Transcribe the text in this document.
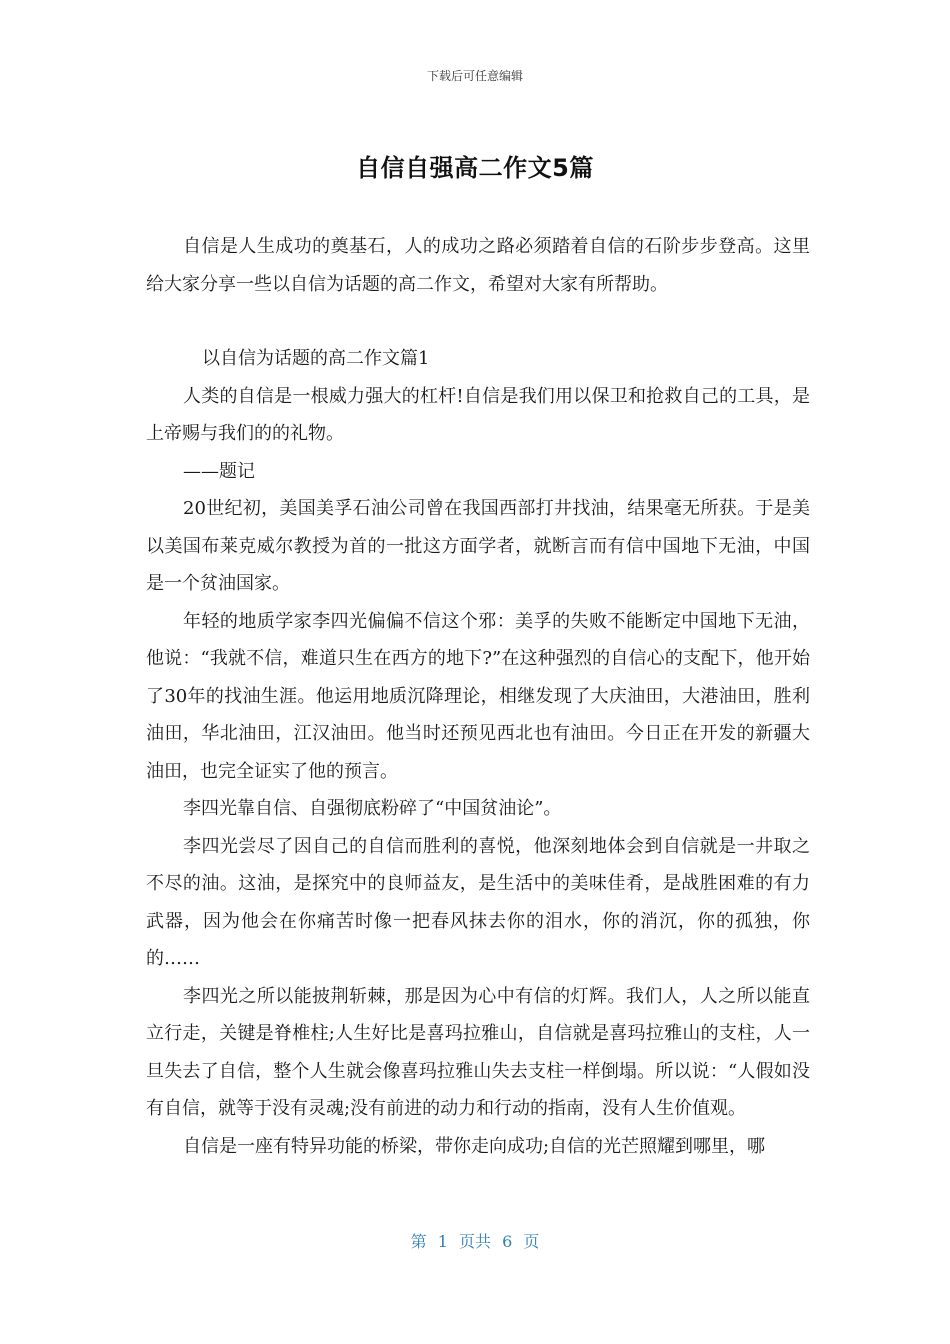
下载后可任意编辑
自信自强高二作文5篇

自信是人生成功的奠基石，人的成功之路必须踏着自信的石阶步步登高。这里给大家分享一些以自信为话题的高二作文，希望对大家有所帮助。

以自信为话题的高二作文篇1

人类的自信是一根威力强大的杠杆!自信是我们用以保卫和抢救自己的工具，是上帝赐与我们的的礼物。

——题记

20世纪初，美国美孚石油公司曾在我国西部打井找油，结果毫无所获。于是美以美国布莱克威尔教授为首的一批这方面学者，就断言而有信中国地下无油，中国是一个贫油国家。

年轻的地质学家李四光偏偏不信这个邪：美孚的失败不能断定中国地下无油，他说：“我就不信，难道只生在西方的地下?”在这种强烈的自信心的支配下，他开始了30年的找油生涯。他运用地质沉降理论，相继发现了大庆油田，大港油田，胜利油田，华北油田，江汉油田。他当时还预见西北也有油田。今日正在开发的新疆大油田，也完全证实了他的预言。

李四光靠自信、自强彻底粉碎了“中国贫油论”。

李四光尝尽了因自己的自信而胜利的喜悦，他深刻地体会到自信就是一井取之不尽的油。这油，是探究中的良师益友，是生活中的美味佳肴，是战胜困难的有力武器，因为他会在你痛苦时像一把春风抹去你的泪水，你的消沉，你的孤独，你的……

李四光之所以能披荆斩棘，那是因为心中有信的灯辉。我们人，人之所以能直立行走，关键是脊椎柱;人生好比是喜玛拉雅山，自信就是喜玛拉雅山的支柱，人一旦失去了自信，整个人生就会像喜玛拉雅山失去支柱一样倒塌。所以说：“人假如没有自信，就等于没有灵魂;没有前进的动力和行动的指南，没有人生价值观。

自信是一座有特异功能的桥梁，带你走向成功;自信的光芒照耀到哪里，哪

第 1 页共 6 页
